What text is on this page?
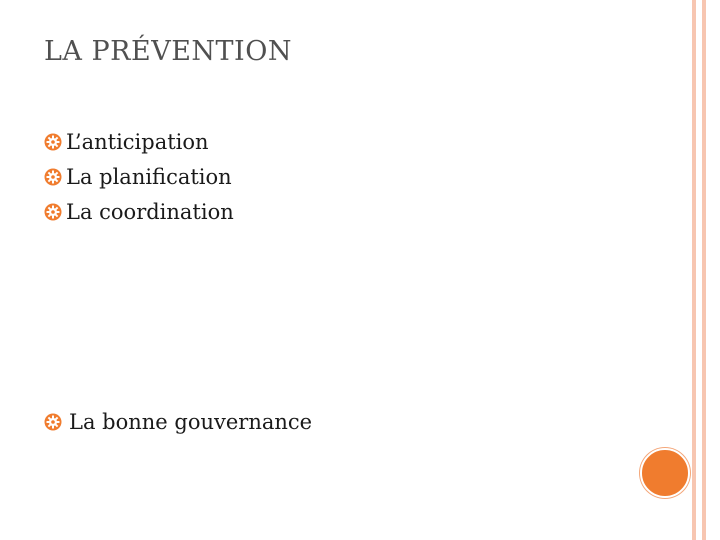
LA PRÉVENTION
L’anticipation
La planification
La coordination
La bonne gouvernance
